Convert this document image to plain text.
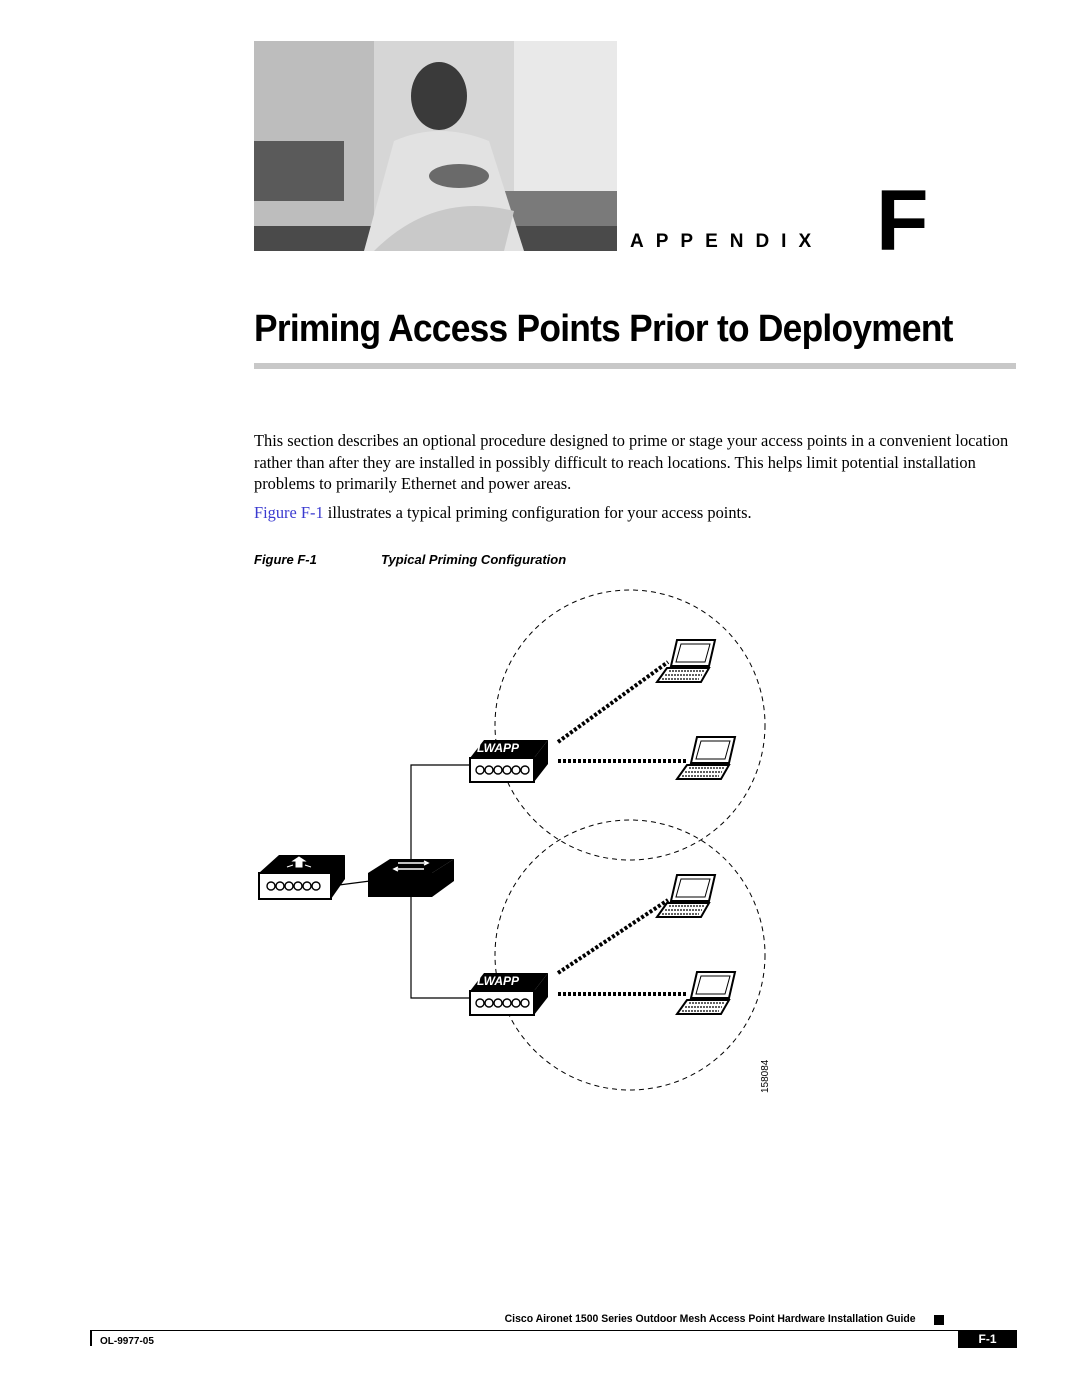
APPENDIX F
Priming Access Points Prior to Deployment

This section describes an optional procedure designed to prime or stage your access points in a convenient location rather than after they are installed in possibly difficult to reach locations. This helps limit potential installation problems to primarily Ethernet and power areas.

Figure F-1 illustrates a typical priming configuration for your access points.

Figure F-1	Typical Priming Configuration
LWAPP
LWAPP
158084
Cisco Aironet 1500 Series Outdoor Mesh Access Point Hardware Installation Guide
OL-9977-05	F-1
